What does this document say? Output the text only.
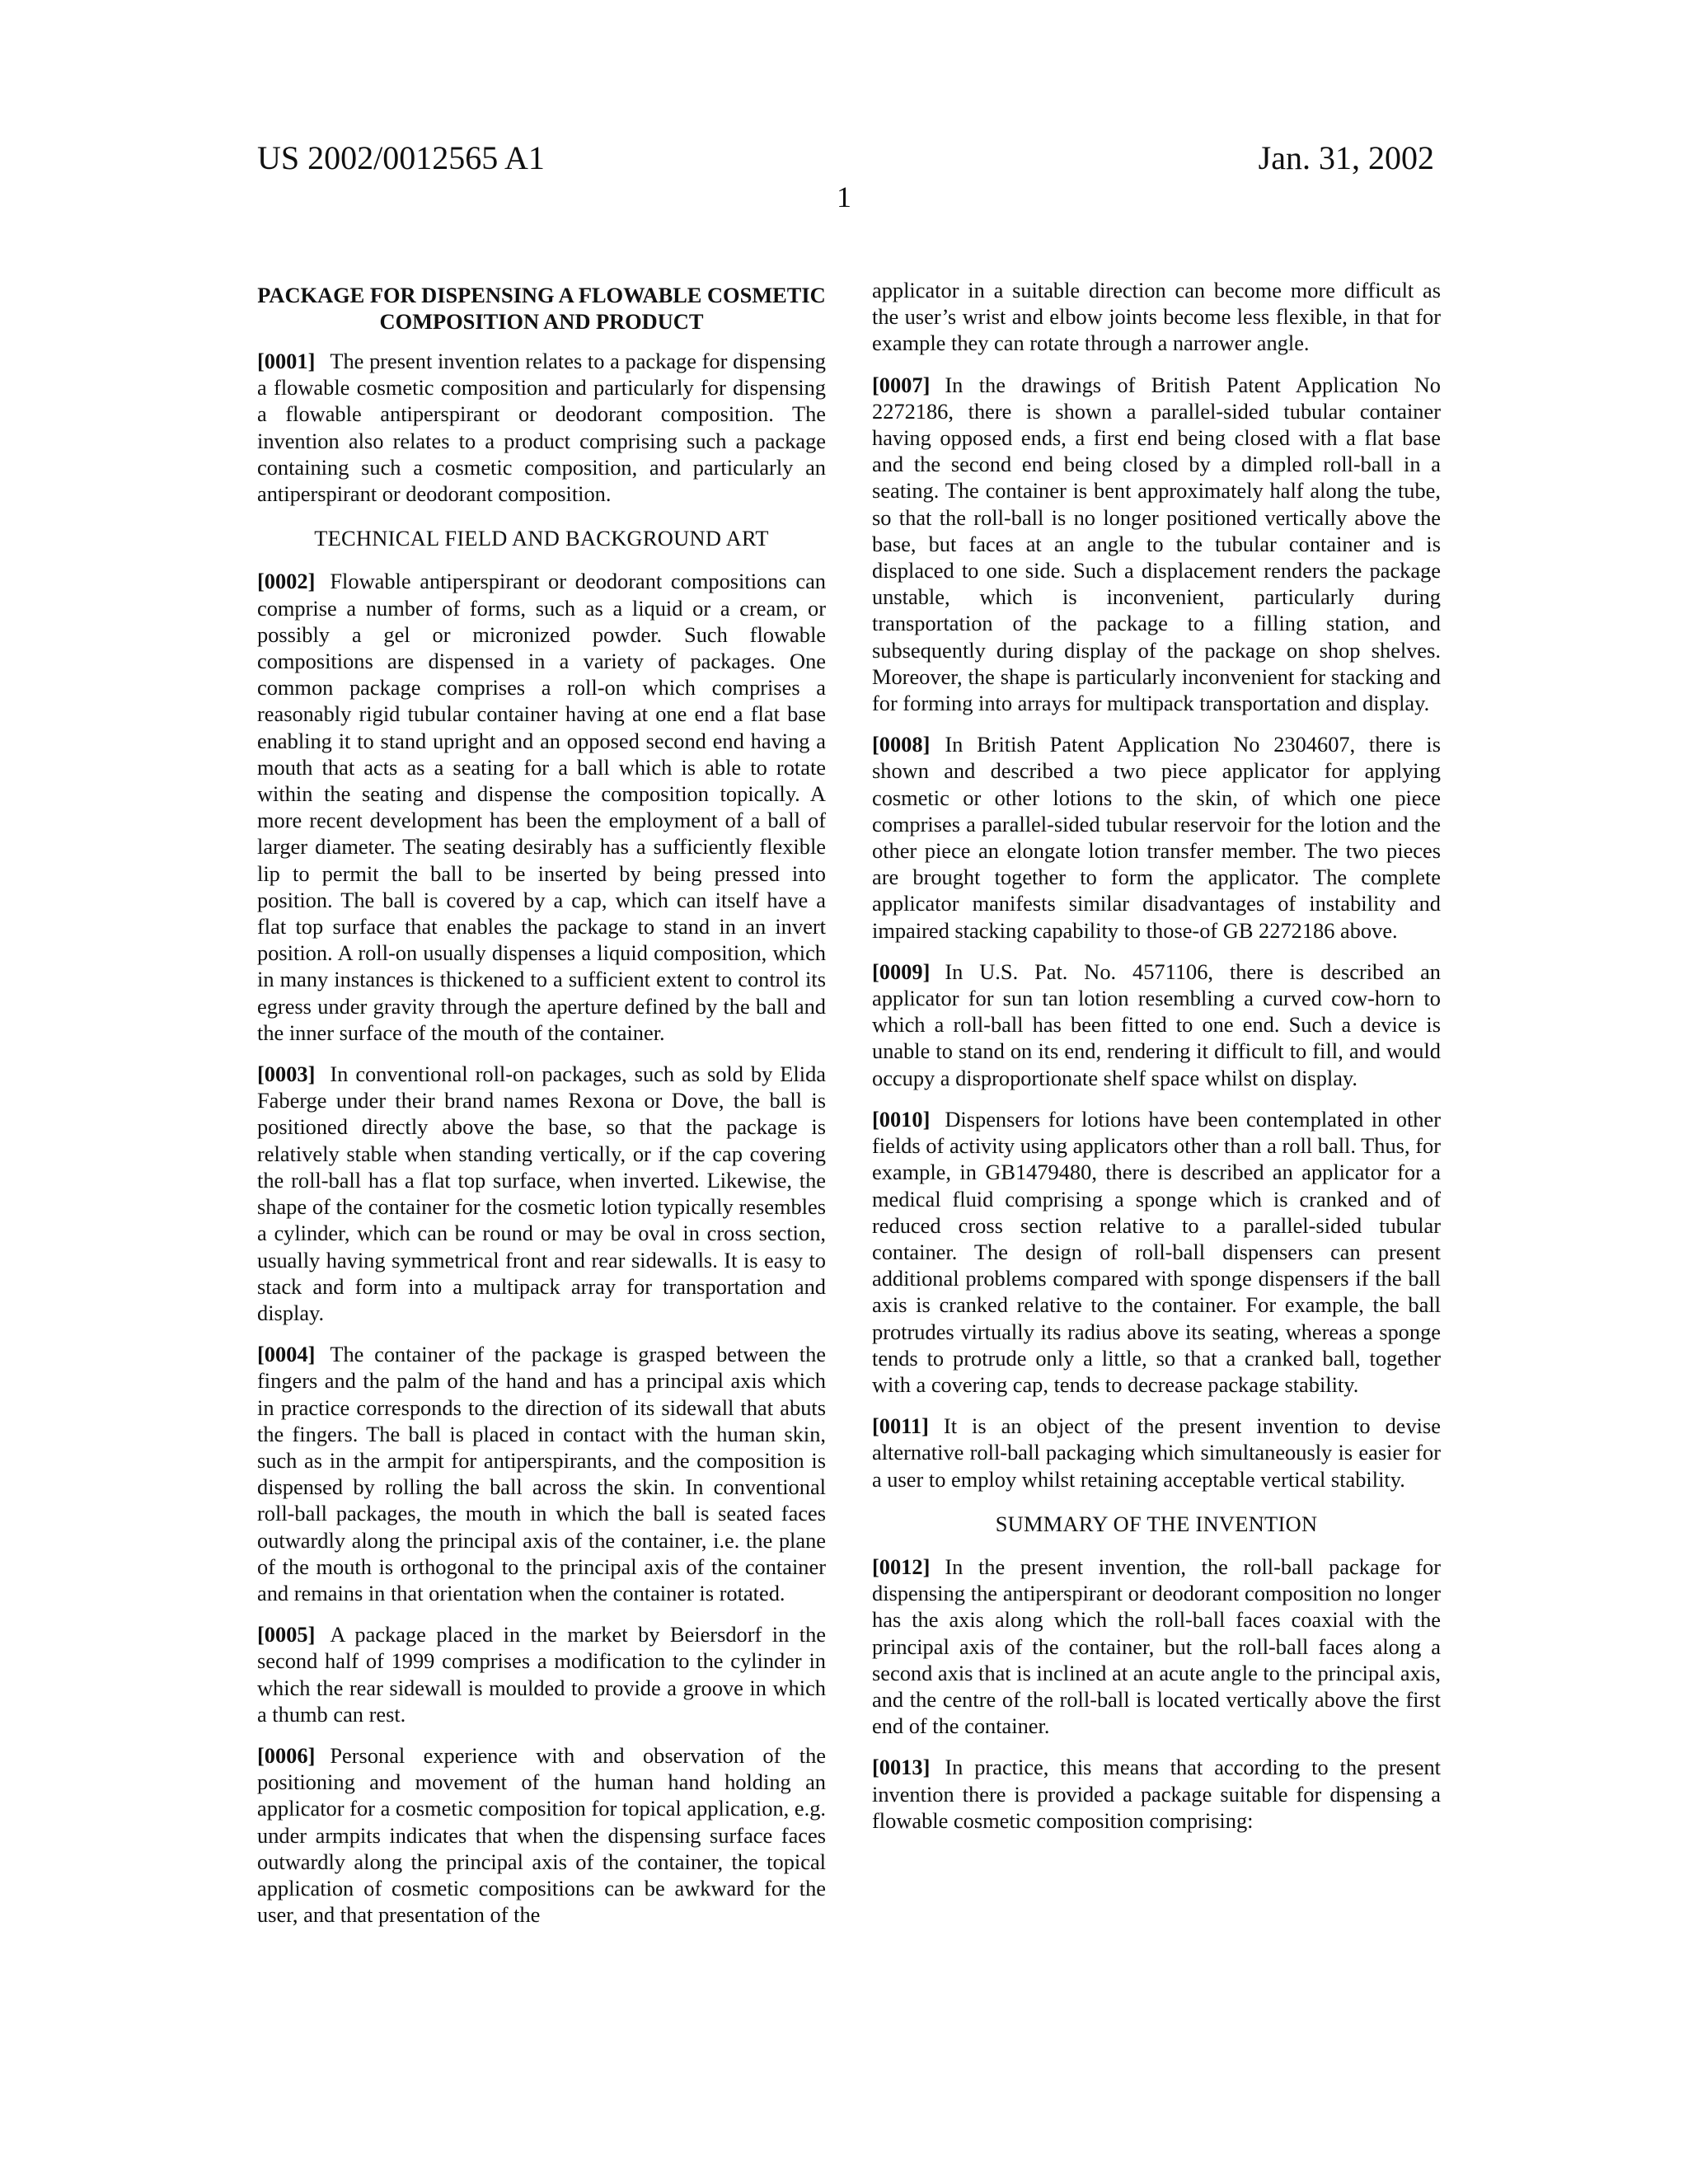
US 2002/0012565 A1	Jan. 31, 2002
1
PACKAGE FOR DISPENSING A FLOWABLE COSMETIC COMPOSITION AND PRODUCT

[0001] The present invention relates to a package for dispensing a flowable cosmetic composition and particularly for dispensing a flowable antiperspirant or deodorant composition. The invention also relates to a product comprising such a package containing such a cosmetic composition, and particularly an antiperspirant or deodorant composition.

TECHNICAL FIELD AND BACKGROUND ART

[0002] Flowable antiperspirant or deodorant compositions can comprise a number of forms, such as a liquid or a cream, or possibly a gel or micronized powder. Such flowable compositions are dispensed in a variety of packages. One common package comprises a roll-on which comprises a reasonably rigid tubular container having at one end a flat base enabling it to stand upright and an opposed second end having a mouth that acts as a seating for a ball which is able to rotate within the seating and dispense the composition topically. A more recent development has been the employment of a ball of larger diameter. The seating desirably has a sufficiently flexible lip to permit the ball to be inserted by being pressed into position. The ball is covered by a cap, which can itself have a flat top surface that enables the package to stand in an invert position. A roll-on usually dispenses a liquid composition, which in many instances is thickened to a sufficient extent to control its egress under gravity through the aperture defined by the ball and the inner surface of the mouth of the container.

[0003] In conventional roll-on packages, such as sold by Elida Faberge under their brand names Rexona or Dove, the ball is positioned directly above the base, so that the package is relatively stable when standing vertically, or if the cap covering the roll-ball has a flat top surface, when inverted. Likewise, the shape of the container for the cosmetic lotion typically resembles a cylinder, which can be round or may be oval in cross section, usually having symmetrical front and rear sidewalls. It is easy to stack and form into a multipack array for transportation and display.

[0004] The container of the package is grasped between the fingers and the palm of the hand and has a principal axis which in practice corresponds to the direction of its sidewall that abuts the fingers. The ball is placed in contact with the human skin, such as in the armpit for antiperspirants, and the composition is dispensed by rolling the ball across the skin. In conventional roll-ball packages, the mouth in which the ball is seated faces outwardly along the principal axis of the container, i.e. the plane of the mouth is orthogonal to the principal axis of the container and remains in that orientation when the container is rotated.

[0005] A package placed in the market by Beiersdorf in the second half of 1999 comprises a modification to the cylinder in which the rear sidewall is moulded to provide a groove in which a thumb can rest.

[0006] Personal experience with and observation of the positioning and movement of the human hand holding an applicator for a cosmetic composition for topical application, e.g. under armpits indicates that when the dispensing surface faces outwardly along the principal axis of the container, the topical application of cosmetic compositions can be awkward for the user, and that presentation of the

applicator in a suitable direction can become more difficult as the user’s wrist and elbow joints become less flexible, in that for example they can rotate through a narrower angle.

[0007] In the drawings of British Patent Application No 2272186, there is shown a parallel-sided tubular container having opposed ends, a first end being closed with a flat base and the second end being closed by a dimpled roll-ball in a seating. The container is bent approximately half along the tube, so that the roll-ball is no longer positioned vertically above the base, but faces at an angle to the tubular container and is displaced to one side. Such a displacement renders the package unstable, which is inconvenient, particularly during transportation of the package to a filling station, and subsequently during display of the package on shop shelves. Moreover, the shape is particularly inconvenient for stacking and for forming into arrays for multipack transportation and display.

[0008] In British Patent Application No 2304607, there is shown and described a two piece applicator for applying cosmetic or other lotions to the skin, of which one piece comprises a parallel-sided tubular reservoir for the lotion and the other piece an elongate lotion transfer member. The two pieces are brought together to form the applicator. The complete applicator manifests similar disadvantages of instability and impaired stacking capability to those-of GB 2272186 above.

[0009] In U.S. Pat. No. 4571106, there is described an applicator for sun tan lotion resembling a curved cow-horn to which a roll-ball has been fitted to one end. Such a device is unable to stand on its end, rendering it difficult to fill, and would occupy a disproportionate shelf space whilst on display.

[0010] Dispensers for lotions have been contemplated in other fields of activity using applicators other than a roll ball. Thus, for example, in GB1479480, there is described an applicator for a medical fluid comprising a sponge which is cranked and of reduced cross section relative to a parallel-sided tubular container. The design of roll-ball dispensers can present additional problems compared with sponge dispensers if the ball axis is cranked relative to the container. For example, the ball protrudes virtually its radius above its seating, whereas a sponge tends to protrude only a little, so that a cranked ball, together with a covering cap, tends to decrease package stability.

[0011] It is an object of the present invention to devise alternative roll-ball packaging which simultaneously is easier for a user to employ whilst retaining acceptable vertical stability.

SUMMARY OF THE INVENTION

[0012] In the present invention, the roll-ball package for dispensing the antiperspirant or deodorant composition no longer has the axis along which the roll-ball faces coaxial with the principal axis of the container, but the roll-ball faces along a second axis that is inclined at an acute angle to the principal axis, and the centre of the roll-ball is located vertically above the first end of the container.

[0013] In practice, this means that according to the present invention there is provided a package suitable for dispensing a flowable cosmetic composition comprising:
